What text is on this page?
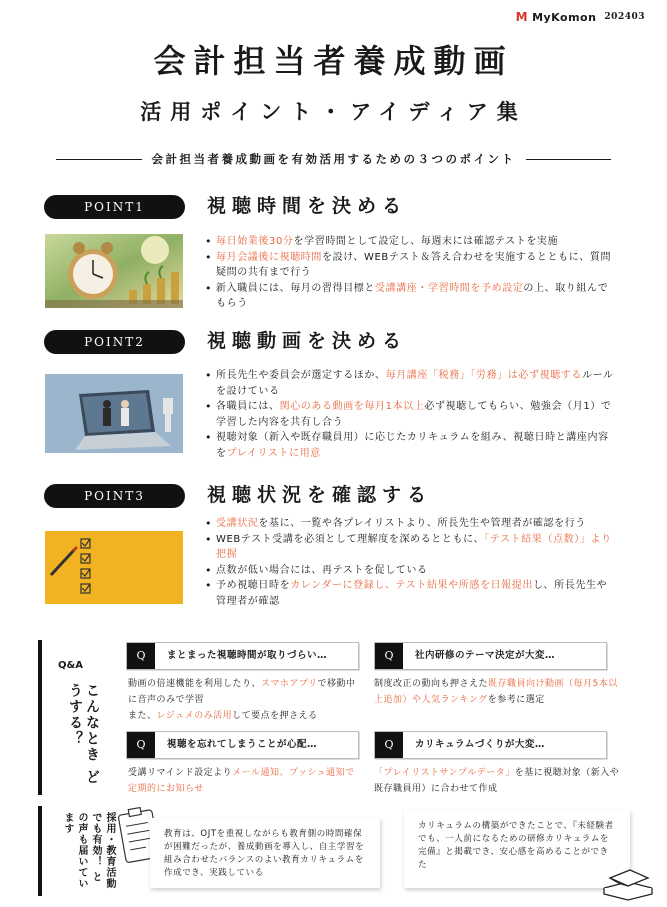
M MyKomon 202403
会計担当者養成動画
活用ポイント・アイディア集
会計担当者養成動画を有効活用するための３つのポイント
POINT1	視聴時間を決める
• 毎日始業後30分を学習時間として設定し、毎週末には確認テストを実施
• 毎月会議後に視聴時間を設け、WEBテスト＆答え合わせを実施するとともに、質問疑問の共有まで行う
• 新入職員には、毎月の習得目標と受講講座・学習時間を予め設定の上、取り組んでもらう
POINT2	視聴動画を決める
• 所長先生や委員会が選定するほか、毎月講座「税務」「労務」は必ず視聴するルールを設けている
• 各職員には、関心のある動画を毎月1本以上必ず視聴してもらい、勉強会（月1）で学習した内容を共有し合う
• 視聴対象（新入や既存職員用）に応じたカリキュラムを組み、視聴日時と講座内容をプレイリストに用意
POINT3	視聴状況を確認する
• 受講状況を基に、一覧や各プレイリストより、所長先生や管理者が確認を行う
• WEBテスト受講を必須として理解度を深めるとともに、「テスト結果（点数）」より把握
• 点数が低い場合には、再テストを促している
• 予め視聴日時をカレンダーに登録し、テスト結果や所感を日報提出し、所長先生や管理者が確認
Q&A
こんなとき どうする？
Q	まとまった視聴時間が取りづらい…
動画の倍速機能を利用したり、スマホアプリで移動中に音声のみで学習
また、レジュメのみ活用して要点を押さえる
Q	社内研修のテーマ決定が大変…
制度改正の動向も押さえた既存職員向け動画（毎月5本以上追加）や人気ランキングを参考に選定
Q	視聴を忘れてしまうことが心配…
受講リマインド設定よりメール通知、プッシュ通知で定期的にお知らせ
Q	カリキュラムづくりが大変…
「プレイリストサンプルデータ」を基に視聴対象（新入や既存職員用）に合わせて作成
採用・教育活動でも有効！ との声も届いています	教育は、OJTを重視しながらも教育側の時間確保が困難だったが、養成動画を導入し、自主学習を組み合わせたバランスのよい教育カリキュラムを作成でき、実践している
カリキュラムの構築ができたことで、『未経験者でも、一人前になるための研修カリキュラムを完備』と掲載でき、安心感を高めることができた
